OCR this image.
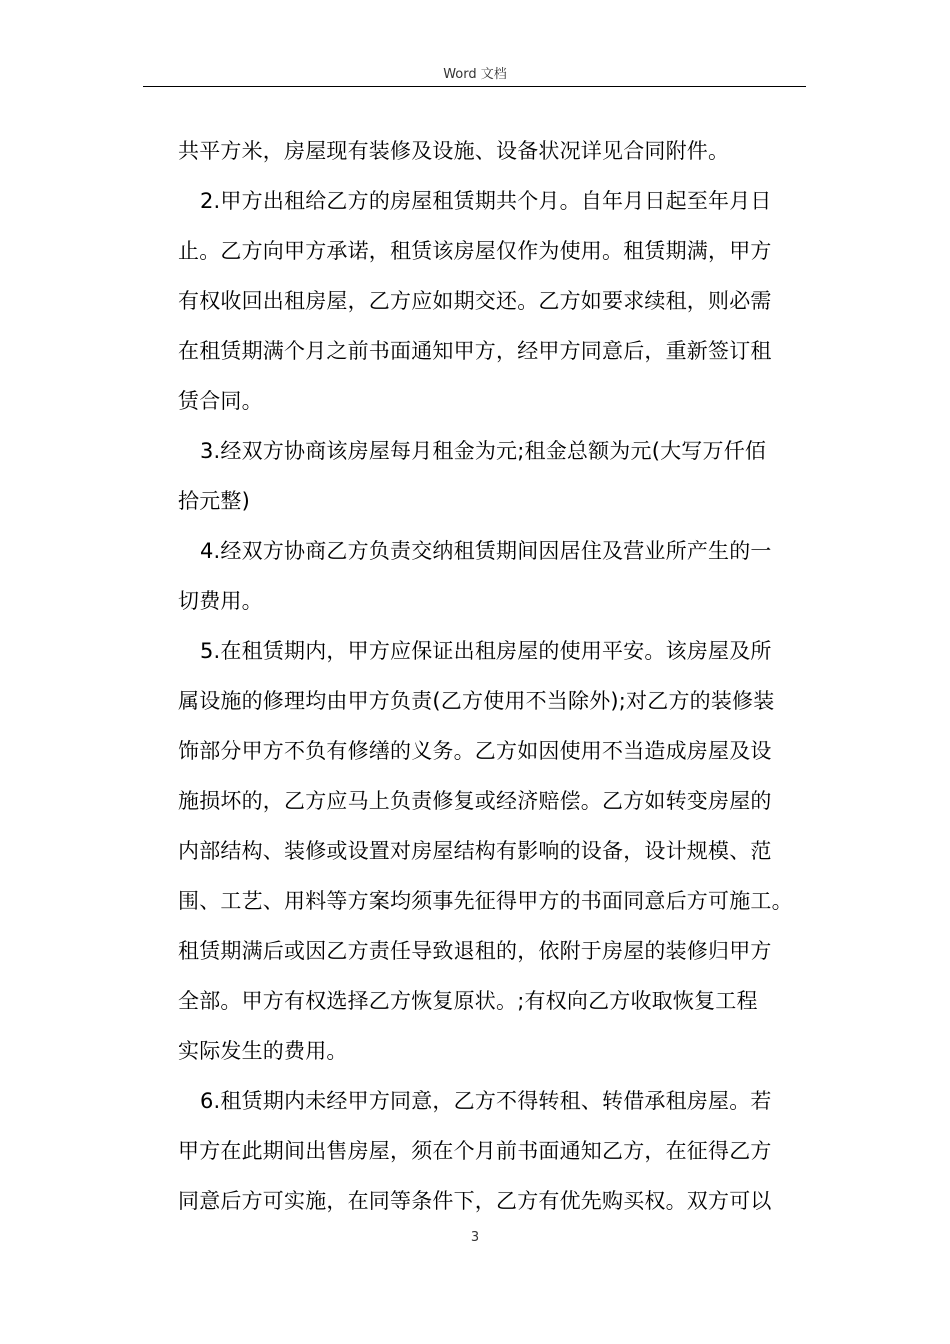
Word 文档
共平方米，房屋现有装修及设施、设备状况详见合同附件。
2.甲方出租给乙方的房屋租赁期共个月。自年月日起至年月日
止。乙方向甲方承诺，租赁该房屋仅作为使用。租赁期满，甲方
有权收回出租房屋，乙方应如期交还。乙方如要求续租，则必需
在租赁期满个月之前书面通知甲方，经甲方同意后，重新签订租
赁合同。
3.经双方协商该房屋每月租金为元;租金总额为元(大写万仟佰
拾元整)
4.经双方协商乙方负责交纳租赁期间因居住及营业所产生的一
切费用。
5.在租赁期内，甲方应保证出租房屋的使用平安。该房屋及所
属设施的修理均由甲方负责(乙方使用不当除外);对乙方的装修装
饰部分甲方不负有修缮的义务。乙方如因使用不当造成房屋及设
施损坏的，乙方应马上负责修复或经济赔偿。乙方如转变房屋的
内部结构、装修或设置对房屋结构有影响的设备，设计规模、范
围、工艺、用料等方案均须事先征得甲方的书面同意后方可施工。
租赁期满后或因乙方责任导致退租的，依附于房屋的装修归甲方
全部。甲方有权选择乙方恢复原状。;有权向乙方收取恢复工程
实际发生的费用。
6.租赁期内未经甲方同意，乙方不得转租、转借承租房屋。若
甲方在此期间出售房屋，须在个月前书面通知乙方，在征得乙方
同意后方可实施，在同等条件下，乙方有优先购买权。双方可以
3
